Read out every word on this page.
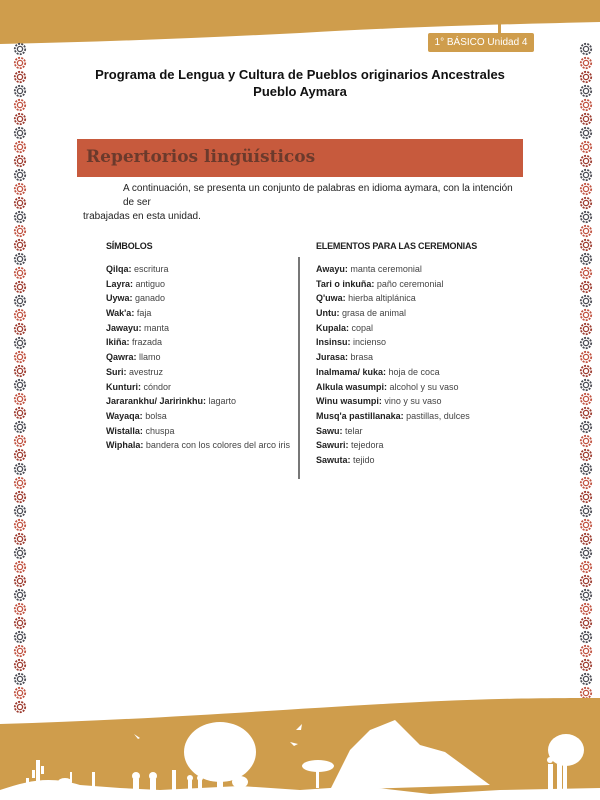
1° BÁSICO Unidad 4
Programa de Lengua y Cultura de Pueblos originarios Ancestrales
Pueblo Aymara
Repertorios lingüísticos
A continuación, se presenta un conjunto de palabras en idioma aymara, con la intención de ser
trabajadas en esta unidad.
SÍMBOLOS
Qilqa: escritura
Layra: antiguo
Uywa: ganado
Wak'a: faja
Jawayu: manta
Ikiña: frazada
Qawra: llamo
Suri: avestruz
Kunturi: cóndor
Jararankhu/ Jaririnkhu: lagarto
Wayaqa: bolsa
Wistalla: chuspa
Wiphala: bandera con los colores del arco iris
ELEMENTOS PARA LAS CEREMONIAS
Awayu: manta ceremonial
Tari o inkuña: paño ceremonial
Q'uwa: hierba altiplánica
Untu: grasa de animal
Kupala: copal
Insinsu: incienso
Jurasa: brasa
Inalmama/ kuka: hoja de coca
Alkula wasumpi: alcohol y su vaso
Winu wasumpi: vino y su vaso
Musq'a pastillanaka: pastillas, dulces
Sawu: telar
Sawuri: tejedora
Sawuta: tejido
